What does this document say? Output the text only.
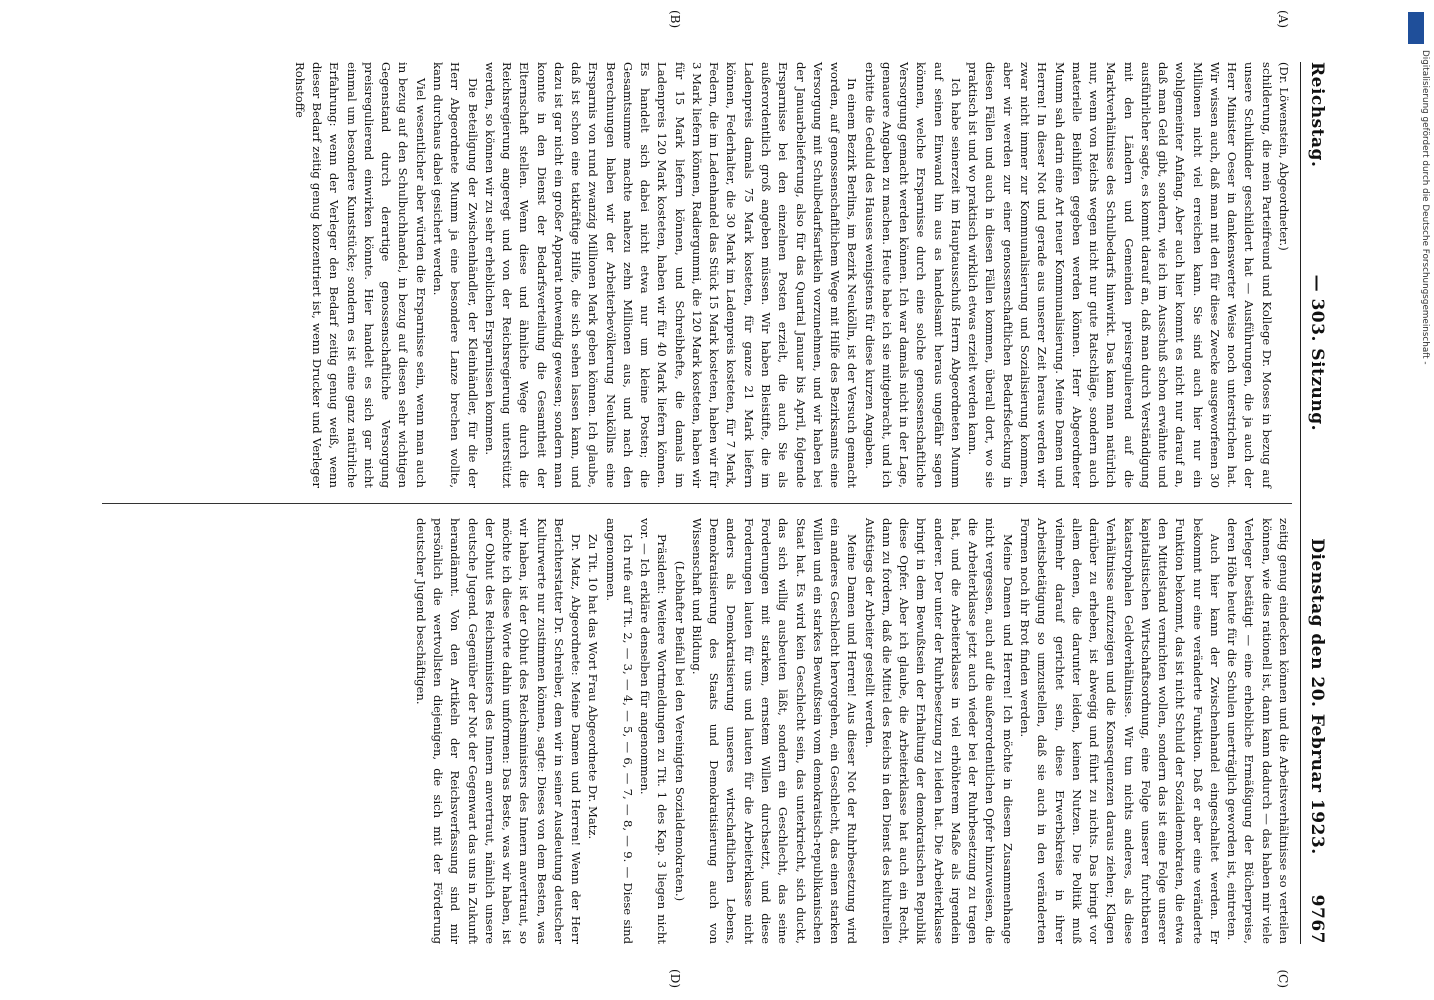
Reichstag.
— 303. Sitzung.
Dienstag den 20. Februar 1923.
9767
(A)
(B)
(C)
(D)

(Dr. Löwenstein, Abgeordneter.)

schilderung, die mein Parteifreund und Kollege Dr. Moses in bezug auf unsere Schulkinder geschildert hat — Ausführungen, die ja auch der Herr Minister Oeser in dankenswerter Weise noch unterstrichen hat. Wir wissen auch, daß man mit den für diese Zwecke ausgeworfenen 30 Millionen nicht viel erreichen kann. Sie sind auch hier nur ein wohlgemeinter Anfang. Aber auch hier kommt es nicht nur darauf an, daß man Geld gibt, sondern, wie ich im Ausschuß schon erwähnte und ausführlicher sagte, es kommt darauf an, daß man durch Verständigung mit den Ländern und Gemeinden preisregulierend auf die Marktverhältnisse des Schulbedarfs hinwirkt. Das kann man natürlich nur, wenn von Reichs wegen nicht nur gute Ratschläge, sondern auch materielle Beihilfen gegeben werden können. Herr Abgeordneter Mumm sah darin eine Art neuer Kommunalisierung. Meine Damen und Herren! In dieser Not und gerade aus unserer Zeit heraus werden wir zwar nicht immer zur Kommunalisierung und Sozialisierung kommen, aber wir werden zur einer genossenschaftlichen Bedarfsdeckung in diesen Fällen und auch in diesen Fällen kommen, überall dort, wo sie praktisch ist und wo praktisch wirklich etwas erzielt werden kann.

Ich habe seinerzeit im Hauptausschuß Herrn Abgeordneten Mumm auf seinen Einwand hin aus as handelsamt heraus ungefähr sagen können, welche Ersparnisse durch eine solche genossenschaftliche Versorgung gemacht werden können. Ich war damals nicht in der Lage, genauere Angaben zu machen. Heute habe ich sie mitgebracht, und ich erbitte die Geduld des Hauses wenigstens für diese kurzen Angaben.

In einem Bezirk Berlins, im Bezirk Neukölln, ist der Versuch gemacht worden, auf genossenschaftlichem Wege mit Hilfe des Bezirksamts eine Versorgung mit Schulbedarfsartikeln vorzunehmen, und wir haben bei der Januarbelieferung, also für das Quartal Januar bis April, folgende Ersparnisse bei den einzelnen Posten erzielt, die auch Sie als außerordentlich groß angeben müssen. Wir haben Bleistifte, die im Ladenpreis damals 75 Mark kosteten, für ganze 21 Mark liefern können, Federhalter, die 30 Mark im Ladenpreis kosteten, für 7 Mark, Federn, die im Ladenhandel das Stück 15 Mark kosteten, haben wir für 3 Mark liefern können, Radiergummi, die 120 Mark kosteten, haben wir für 15 Mark liefern können, und Schreibhefte, die damals im Ladenpreis 120 Mark kosteten, haben wir für 40 Mark liefern können. Es handelt sich dabei nicht etwa nur um kleine Posten; die Gesamtsumme machte nahezu zehn Millionen aus, und nach den Berechnungen haben wir der Arbeiterbevölkerung Neuköllns eine Ersparnis von rund zwanzig Millionen Mark geben können. Ich glaube, daß ist schon eine tatkräftige Hilfe, die sich sehen lassen kann, und dazu ist gar nicht ein großer Apparat notwendig gewesen; sondern man konnte in den Dienst der Bedarfsverteilung die Gesamtheit der Elternschaft stellen. Wenn diese und ähnliche Wege durch die Reichsregierung angeregt und von der Reichsregierung unterstützt werden, so können wir zu sehr erheblichen Ersparnissen kommen.

Die Beteiligung der Zwischenhändler, der Kleinhändler, für die der Herr Abgeordnete Mumm ja eine besondere Lanze brechen wollte, kann durchaus dabei gesichert werden.

Viel wesentlicher aber würden die Ersparnisse sein, wenn man auch in bezug auf den Schulbuchhandel, in bezug auf diesen sehr wichtigen Gegenstand durch derartige genossenschaftliche Versorgung preisregulierend einwirken könnte. Hier handelt es sich gar nicht einmal um besondere Kunststücke; sondern es ist eine ganz natürliche Erfahrung: wenn der Verleger den Bedarf zeitig genug weiß, wenn dieser Bedarf zeitig genug konzentriert ist, wenn Drucker und Verleger Rohstoffe

zeitig genug eindecken können und die Arbeitsverhältnisse so verteilen können, wie dies rationell ist, dann kann dadurch — das haben mir viele Verleger bestätigt — eine erhebliche Ermäßigung der Bücherpreise, deren Höhe heute für die Schulen unerträglich geworden ist, eintreten.

Auch hier kann der Zwischenhandel eingeschaltet werden. Er bekommt nur eine veränderte Funktion. Daß er aber eine veränderte Funktion bekommt, das ist nicht Schuld der Sozialdemokraten, die etwa den Mittelstand vernichten wollen, sondern das ist eine Folge unserer kapitalistischen Wirtschaftsordnung, eine Folge unserer furchtbaren katastrophalen Geldverhältnisse. Wir tun nichts anderes, als diese Verhältnisse aufzuzeigen und die Konsequenzen daraus ziehen; Klagen darüber zu erheben, ist abwegig und führt zu nichts. Das bringt vor allem denen, die darunter leiden, keinen Nutzen. Die Politik muß vielmehr darauf gerichtet sein, diese Erwerbskreise in ihrer Arbeitsbetätigung so umzustellen, daß sie auch in den veränderten Formen noch ihr Brot finden werden.

Meine Damen und Herren! Ich möchte in diesem Zusammenhange nicht vergessen, auch auf die außerordentlichen Opfer hinzuweisen, die die Arbeiterklasse jetzt auch wieder bei der Ruhrbesetzung zu tragen hat, und die Arbeiterklasse in viel erhöhterem Maße als irgendein anderer. Der unter der Ruhrbesetzung zu leiden hat. Die Arbeiterklasse bringt in dem Bewußtsein der Erhaltung der demokratischen Republik diese Opfer. Aber ich glaube, die Arbeiterklasse hat auch ein Recht, dann zu fordern, daß die Mittel des Reichs in den Dienst des kulturellen Aufstiegs der Arbeiter gestellt werden.

Meine Damen und Herren! Aus dieser Not der Ruhrbesetzung wird ein anderes Geschlecht hervorgehen, ein Geschlecht, das einen starken Willen und ein starkes Bewußtsein vom demokratisch-republikanischen Staat hat. Es wird kein Geschlecht sein, das unterkriecht, sich duckt, das sich willig ausbeuten läßt, sondern ein Geschlecht, das seine Forderungen mit starkem, ernstem Willen durchsetzt, und diese Forderungen lauten für uns und lauten für die Arbeiterklasse nicht anders als Demokratisierung unseres wirtschaftlichen Lebens, Demokratisierung des Staats und Demokratisierung auch von Wissenschaft und Bildung.

(Lebhafter Beifall bei den Vereinigten Sozialdemokraten.)

Präsident: Weitere Wortmeldungen zu Tit. 1 des Kap. 3 liegen nicht vor. — Ich erkläre denselben für angenommen.

Ich rufe auf Tit. 2, — 3, — 4, — 5, — 6, — 7, — 8, — 9. — Diese sind angenommen.

Zu Tit. 10 hat das Wort Frau Abgeordnete Dr. Matz.

Dr. Matz, Abgeordnete: Meine Damen und Herren! Wenn der Herr Berichterstatter Dr. Schreiber, dem wir in seiner Ausdeutung deutscher Kulturwerte nur zustimmen können, sagte: Dieses von dem Besten, was wir haben, ist der Obhut des Reichsministers des Innern anvertraut, so möchte ich diese Worte dahin umformen: Das Beste, was wir haben, ist der Obhut des Reichsministers des Innern anvertraut, nämlich unsere deutsche Jugend. Gegenüber der Not der Gegenwart das uns in Zukunft herandämmt. Von den Artikeln der Reichsverfassung sind mir persönlich die wertvollsten diejenigen, die sich mit der Förderung deutscher Jugend beschäftigen.

DFG
Digitalisierung gefördert durch die Deutsche Forschungsgemeinschaft -
